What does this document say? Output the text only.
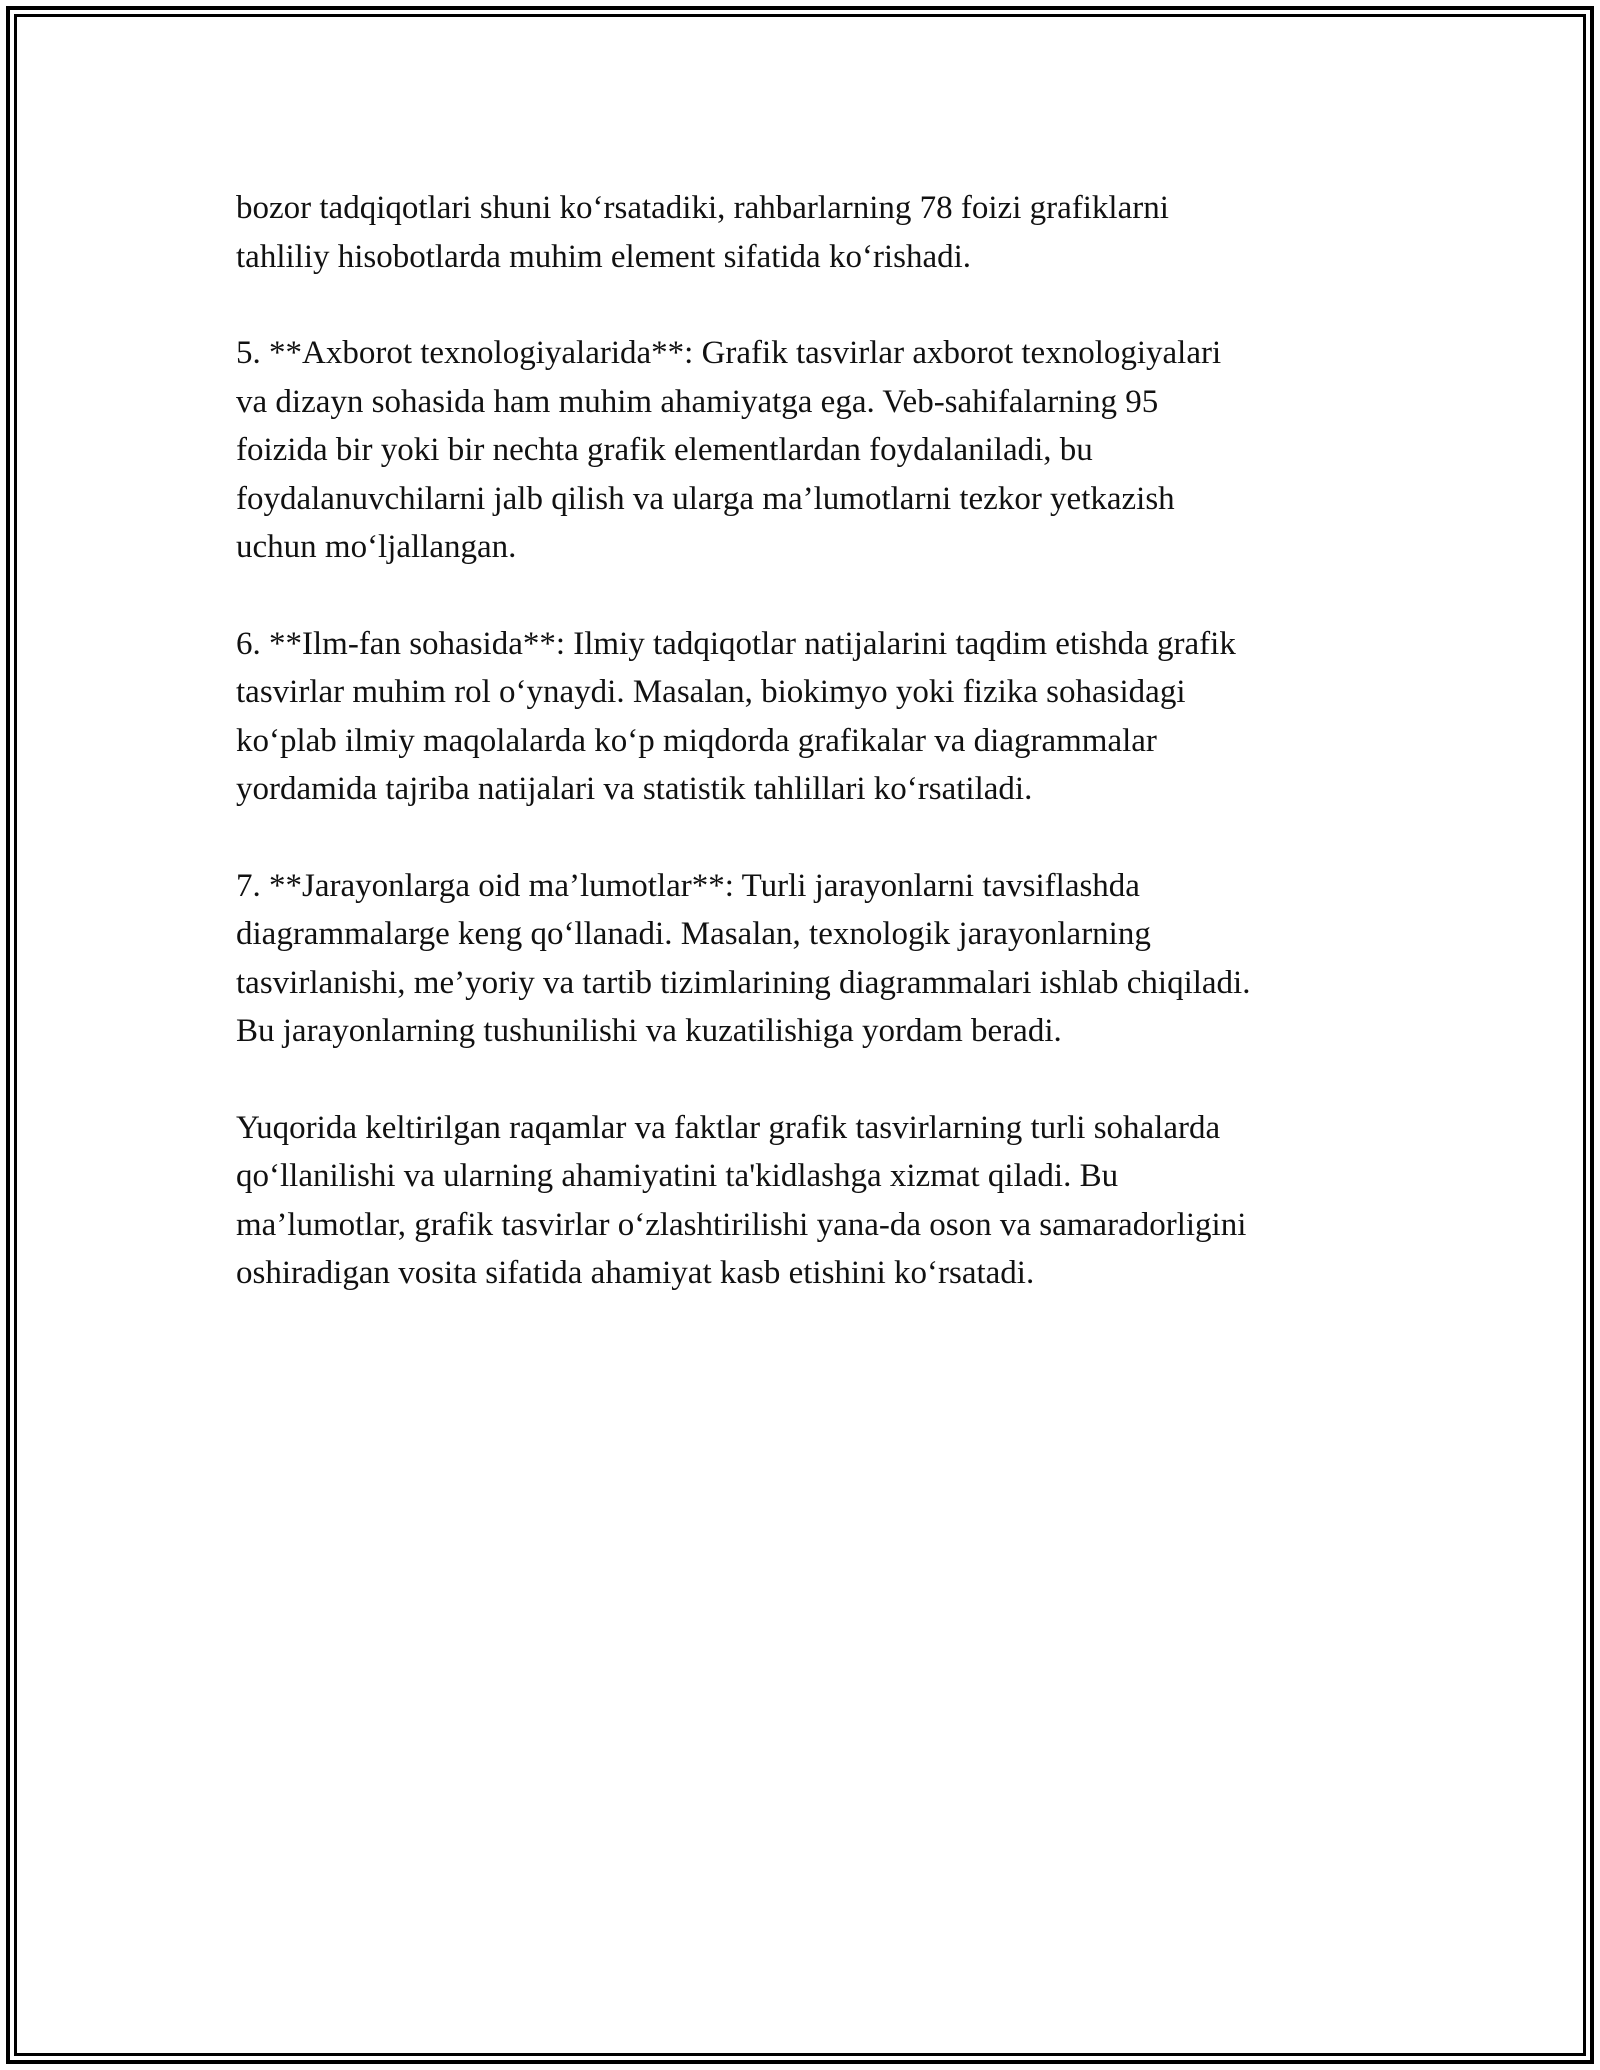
bozor tadqiqotlari shuni koʻrsatadiki, rahbarlarning 78 foizi grafiklarni
tahliliy hisobotlarda muhim element sifatida koʻrishadi.

5. **Axborot texnologiyalarida**: Grafik tasvirlar axborot texnologiyalari
va dizayn sohasida ham muhim ahamiyatga ega. Veb-sahifalarning 95
foizida bir yoki bir nechta grafik elementlardan foydalaniladi, bu
foydalanuvchilarni jalb qilish va ularga ma’lumotlarni tezkor yetkazish
uchun moʻljallangan.

6. **Ilm-fan sohasida**: Ilmiy tadqiqotlar natijalarini taqdim etishda grafik
tasvirlar muhim rol oʻynaydi. Masalan, biokimyo yoki fizika sohasidagi
koʻplab ilmiy maqolalarda koʻp miqdorda grafikalar va diagrammalar
yordamida tajriba natijalari va statistik tahlillari koʻrsatiladi.

7. **Jarayonlarga oid ma’lumotlar**: Turli jarayonlarni tavsiflashda
diagrammalarge keng qoʻllanadi. Masalan, texnologik jarayonlarning
tasvirlanishi, me’yoriy va tartib tizimlarining diagrammalari ishlab chiqiladi.
Bu jarayonlarning tushunilishi va kuzatilishiga yordam beradi.

Yuqorida keltirilgan raqamlar va faktlar grafik tasvirlarning turli sohalarda
qoʻllanilishi va ularning ahamiyatini ta'kidlashga xizmat qiladi. Bu
ma’lumotlar, grafik tasvirlar oʻzlashtirilishi yana-da oson va samaradorligini
oshiradigan vosita sifatida ahamiyat kasb etishini koʻrsatadi.
